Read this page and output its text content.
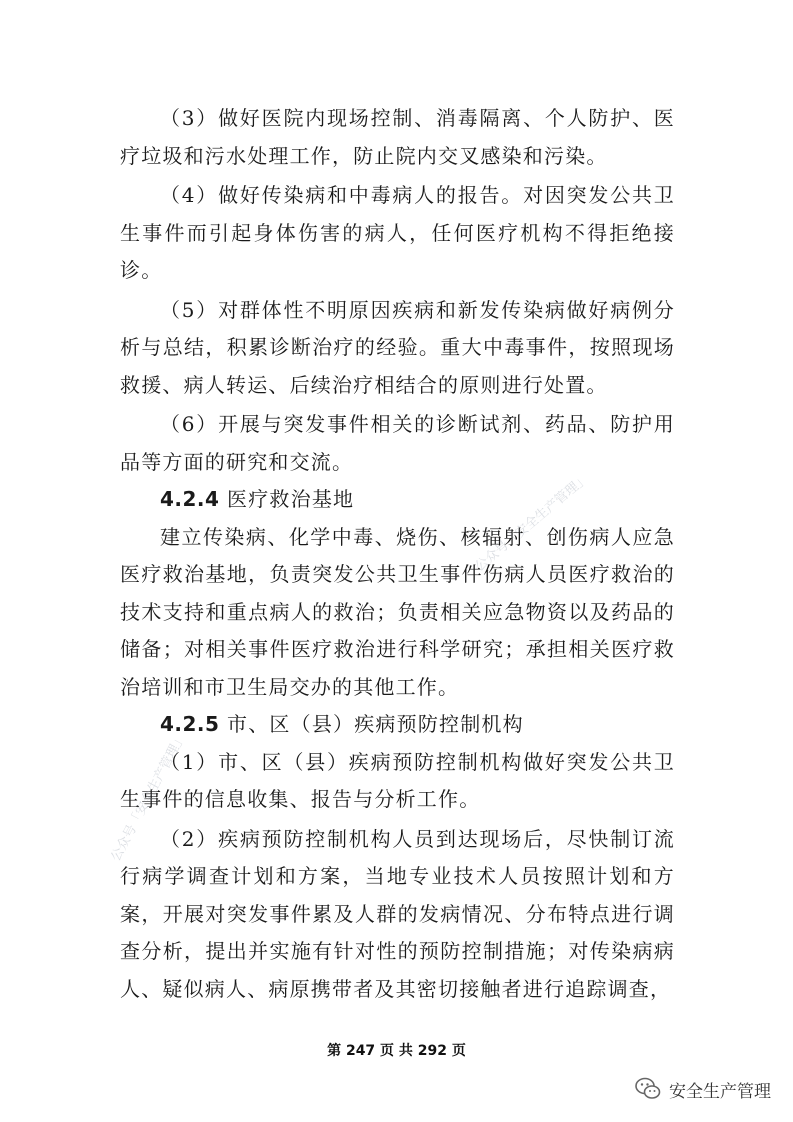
（3）做好医院内现场控制、消毒隔离、个人防护、医疗垃圾和污水处理工作，防止院内交叉感染和污染。

（4）做好传染病和中毒病人的报告。对因突发公共卫生事件而引起身体伤害的病人，任何医疗机构不得拒绝接诊。

（5）对群体性不明原因疾病和新发传染病做好病例分析与总结，积累诊断治疗的经验。重大中毒事件，按照现场救援、病人转运、后续治疗相结合的原则进行处置。

（6）开展与突发事件相关的诊断试剂、药品、防护用品等方面的研究和交流。

4.2.4 医疗救治基地

建立传染病、化学中毒、烧伤、核辐射、创伤病人应急医疗救治基地，负责突发公共卫生事件伤病人员医疗救治的技术支持和重点病人的救治；负责相关应急物资以及药品的储备；对相关事件医疗救治进行科学研究；承担相关医疗救治培训和市卫生局交办的其他工作。

4.2.5 市、区（县）疾病预防控制机构

（1）市、区（县）疾病预防控制机构做好突发公共卫生事件的信息收集、报告与分析工作。

（2）疾病预防控制机构人员到达现场后，尽快制订流行病学调查计划和方案，当地专业技术人员按照计划和方案，开展对突发事件累及人群的发病情况、分布特点进行调查分析，提出并实施有针对性的预防控制措施；对传染病病人、疑似病人、病原携带者及其密切接触者进行追踪调查，

公众号「安全生产管理」
公众号「安全生产管理」
第 247 页 共 292 页
安全生产管理
